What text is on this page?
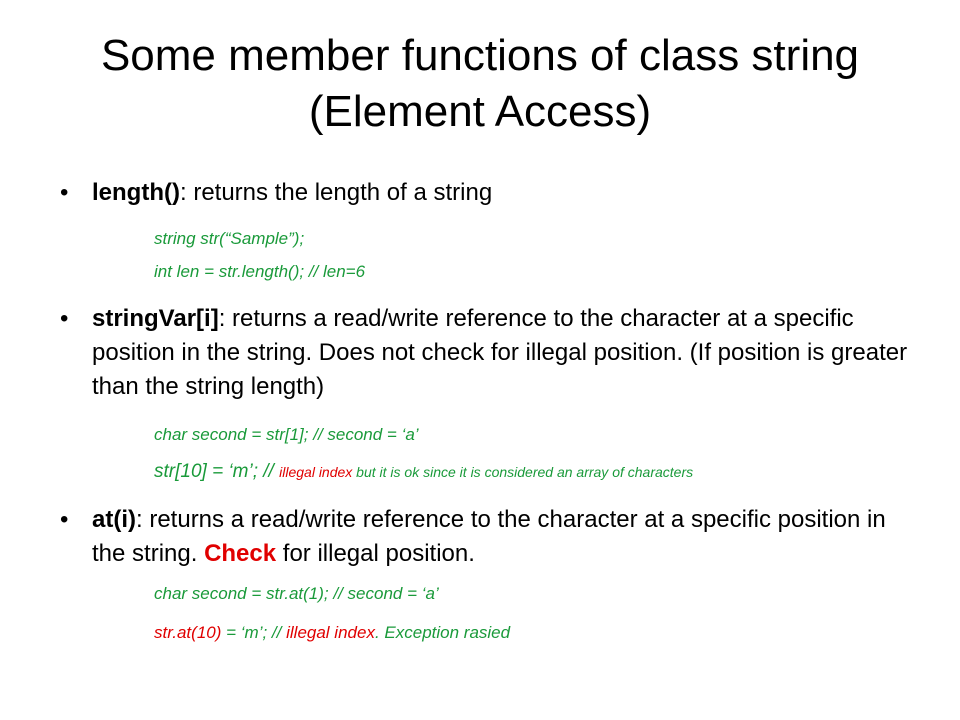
Some member functions of class string (Element Access)
• length(): returns the length of a string
string str(“Sample”);
int len = str.length(); // len=6
• stringVar[i]: returns a read/write reference to the character at a specific position in the string. Does not check for illegal position. (If position is greater than the string length)
char second = str[1]; // second = ‘a’
str[10] = ‘m’; // illegal index but it is ok since it is considered an array of characters
• at(i): returns a read/write reference to the character at a specific position in the string. Check for illegal position.
char second = str.at(1); // second = ‘a’
str.at(10) = ‘m’; // illegal index. Exception rasied
